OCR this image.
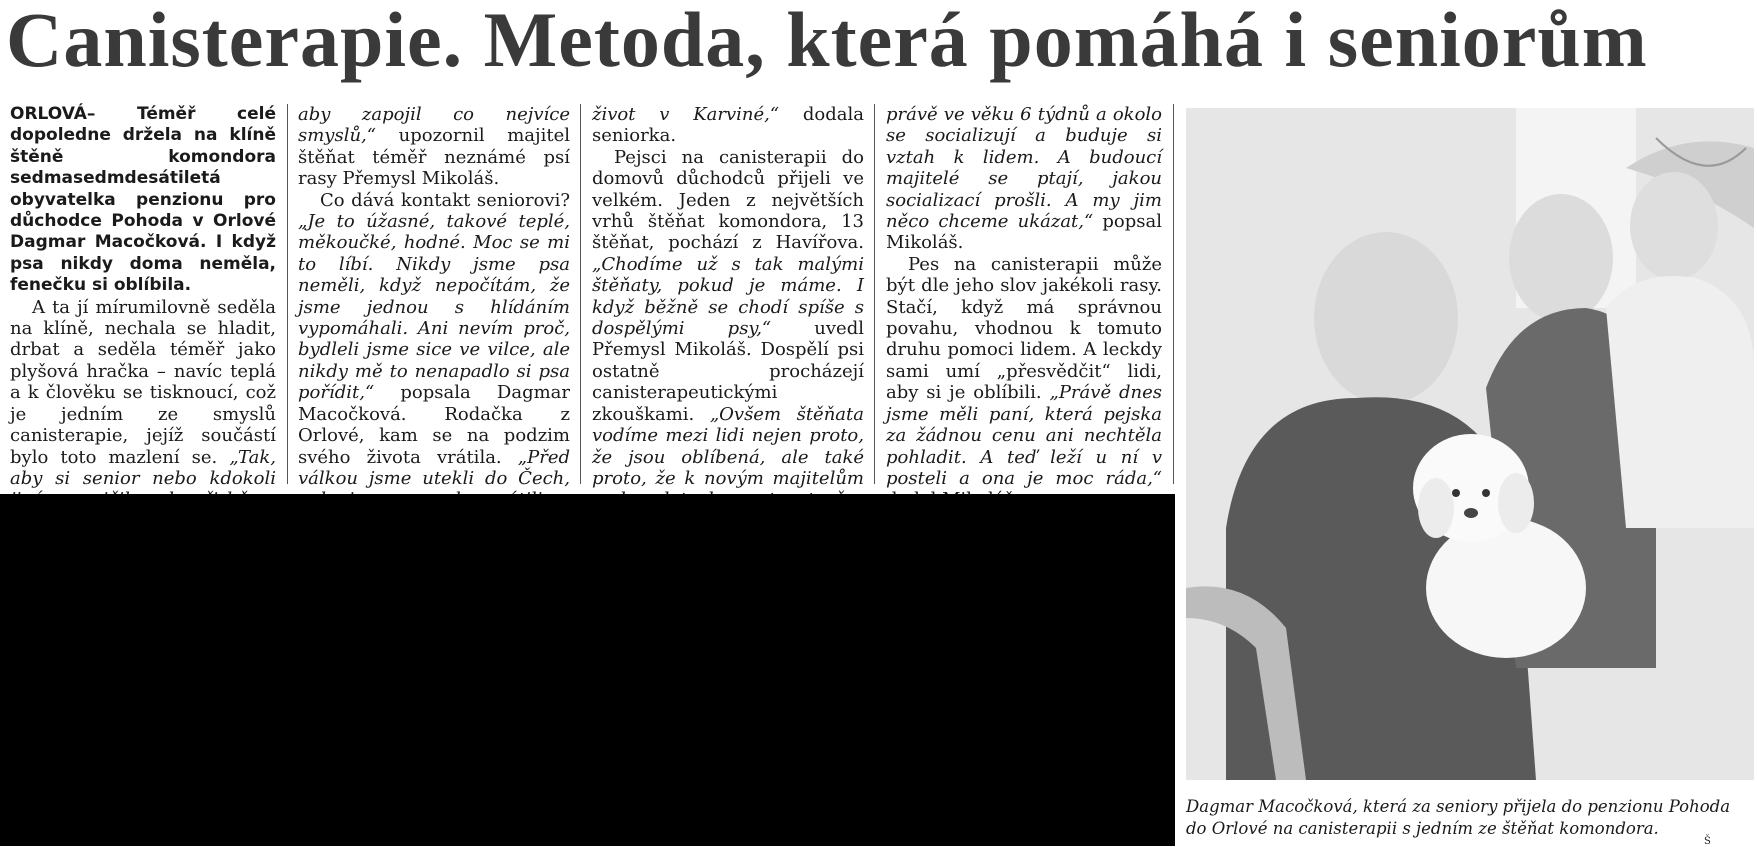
Canisterapie. Metoda, která pomáhá i seniorům
ORLOVÁ– Téměř celé dopoledne držela na klíně štěně komondora sedmasedmdesátiletá obyvatelka penzionu pro důchodce Pohoda v Orlové Dagmar Macočková. I když psa nikdy doma neměla, fenečku si oblíbila.

A ta jí mírumilovně seděla na klíně, nechala se hladit, drbat a seděla téměř jako plyšová hračka – navíc teplá a k člověku se tisknoucí, což je jedním ze smyslů canisterapie, jejíž součástí bylo toto mazlení se. „Tak, aby si senior nebo kdokoli

aby zapojil co nejvíce smyslů,“ upozornil majitel štěňat téměř neznámé psí rasy Přemysl Mikoláš.

Co dává kontakt seniorovi? „Je to úžasné, takové teplé, měkoučké, hodné. Moc se mi to líbí. Nikdy jsme psa neměli, když nepočítám, že jsme jednou s hlídáním vypomáhali. Ani nevím proč, bydleli jsme sice ve vilce, ale nikdy mě to nenapadlo si psa pořídit,“ popsala Dagmar Macočková. Rodačka z Orlové, kam se na podzim svého života vrátila. „Před válkou jsme utekli do Čech,

život v Karviné,“ dodala seniorka.

Pejsci na canisterapii do domovů důchodců přijeli ve velkém. Jeden z největších vrhů štěňat komondora, 13 štěňat, pochází z Havířova. „Chodíme už s tak malými štěňaty, pokud je máme. I když běžně se chodí spíše s dospělými psy,“ uvedl Přemysl Mikoláš. Dospělí psi ostatně procházejí canisterapeutickými zkouškami. „Ovšem štěňata vodíme mezi lidi nejen proto, že jsou oblíbená, ale také proto, že k novým majitelům

právě ve věku 6 týdnů a okolo se socializují a buduje si vztah k lidem. A budoucí majitelé se ptají, jakou socializací prošli. A my jim něco chceme ukázat,“ popsal Mikoláš.

Pes na canisterapii může být dle jeho slov jakékoli rasy. Stačí, když má správnou povahu, vhodnou k tomuto druhu pomoci lidem. A leckdy sami umí „přesvědčit“ lidi, aby si je oblíbili. „Právě dnes jsme měli paní, která pejska za žádnou cenu ani nechtěla pohladit. A teď leží u ní v posteli a ona je moc ráda,“

Dagmar Macočková, která za seniory přijela do penzionu Pohoda do Orlové na canisterapii s jedním ze štěňat komondora.
Š
